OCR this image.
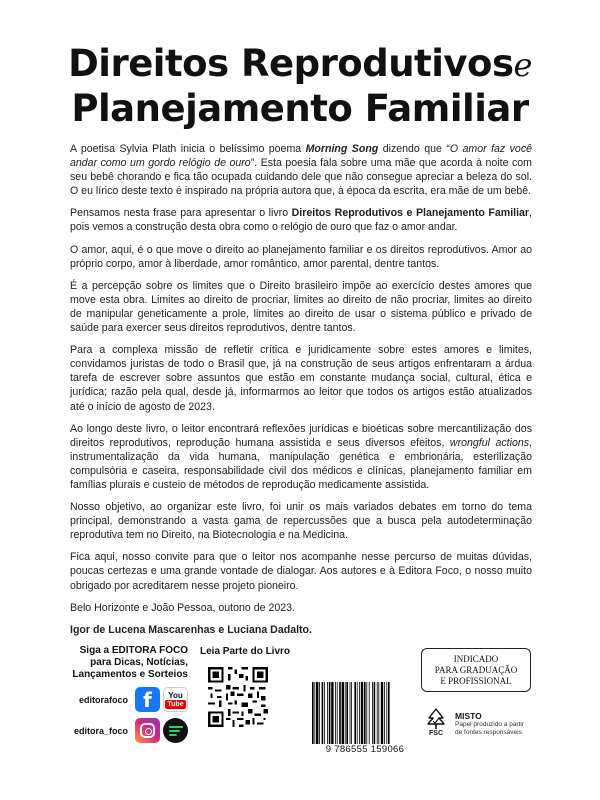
Direitos Reprodutivose
Planejamento Familiar

A poetisa Sylvia Plath inicia o belíssimo poema Morning Song dizendo que “O amor faz você andar como um gordo relógio de ouro”. Esta poesia fala sobre uma mãe que acorda à noite com seu bebê chorando e fica tão ocupada cuidando dele que não consegue apreciar a beleza do sol. O eu lírico deste texto é inspirado na própria autora que, à época da escrita, era mãe de um bebê.

Pensamos nesta frase para apresentar o livro Direitos Reprodutivos e Planejamento Familiar, pois vemos a construção desta obra como o relógio de ouro que faz o amor andar.

O amor, aqui, é o que move o direito ao planejamento familiar e os direitos reprodutivos. Amor ao próprio corpo, amor à liberdade, amor romântico, amor parental, dentre tantos.

É a percepção sobre os limites que o Direito brasileiro impõe ao exercício destes amores que move esta obra. Limites ao direito de procriar, limites ao direito de não procriar, limites ao direito de manipular geneticamente a prole, limites ao direito de usar o sistema público e privado de saúde para exercer seus direitos reprodutivos, dentre tantos.

Para a complexa missão de refletir crítica e juridicamente sobre estes amores e limites, convidamos juristas de todo o Brasil que, já na construção de seus artigos enfrentaram a árdua tarefa de escrever sobre assuntos que estão em constante mudança social, cultural, ética e jurídica; razão pela qual, desde já, informarmos ao leitor que todos os artigos estão atualizados até o início de agosto de 2023.

Ao longo deste livro, o leitor encontrará reflexões jurídicas e bioéticas sobre mercantilização dos direitos reprodutivos, reprodução humana assistida e seus diversos efeitos, wrongful actions, instrumentalização da vida humana, manipulação genética e embrionária, esterilização compulsória e caseira, responsabilidade civil dos médicos e clínicas, planejamento familiar em famílias plurais e custeio de métodos de reprodução medicamente assistida.

Nosso objetivo, ao organizar este livro, foi unir os mais variados debates em torno do tema principal, demonstrando a vasta gama de repercussões que a busca pela autodeterminação reprodutiva tem no Direito, na Biotecnologia e na Medicina.

Fica aqui, nosso convite para que o leitor nos acompanhe nesse percurso de muitas dúvidas, poucas certezas e uma grande vontade de dialogar. Aos autores e à Editora Foco, o nosso muito obrigado por acreditarem nesse projeto pioneiro.

Belo Horizonte e João Pessoa, outono de 2023.

Igor de Lucena Mascarenhas e Luciana Dadalto.

Siga a EDITORA FOCO
para Dicas, Notícias,
Lançamentos e Sorteios
editorafoco f	You
Tube
editora_foco
Leia Parte do Livro
9 786555 159066
INDICADO
PARA GRADUAÇÃO
E PROFISSIONAL
FSC
MISTO
Papel produzido a partir
de fontes responsáveis
